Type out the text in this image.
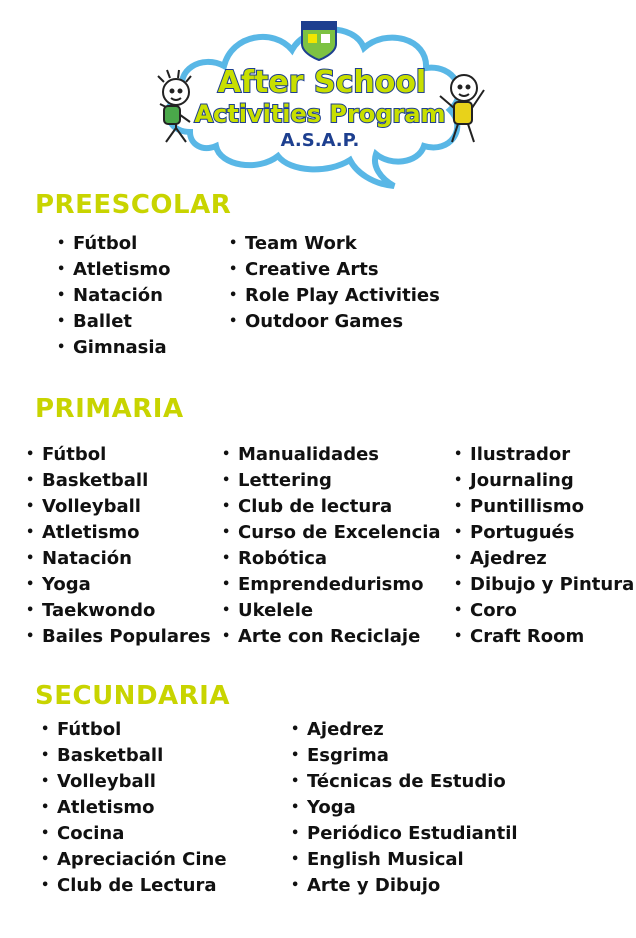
After School
Activities Program
A.S.A.P.
PREESCOLAR
• Fútbol
• Atletismo
• Natación
• Ballet
• Gimnasia
• Team Work
• Creative Arts
• Role Play Activities
• Outdoor Games
PRIMARIA
• Fútbol
• Basketball
• Volleyball
• Atletismo
• Natación
• Yoga
• Taekwondo
• Bailes Populares
• Manualidades
• Lettering
• Club de lectura
• Curso de Excelencia
• Robótica
• Emprendedurismo
• Ukelele
• Arte con Reciclaje
• Ilustrador
• Journaling
• Puntillismo
• Portugués
• Ajedrez
• Dibujo y Pintura
• Coro
• Craft Room
SECUNDARIA
• Fútbol
• Basketball
• Volleyball
• Atletismo
• Cocina
• Apreciación Cine
• Club de Lectura
• Ajedrez
• Esgrima
• Técnicas de Estudio
• Yoga
• Periódico Estudiantil
• English Musical
• Arte y Dibujo
